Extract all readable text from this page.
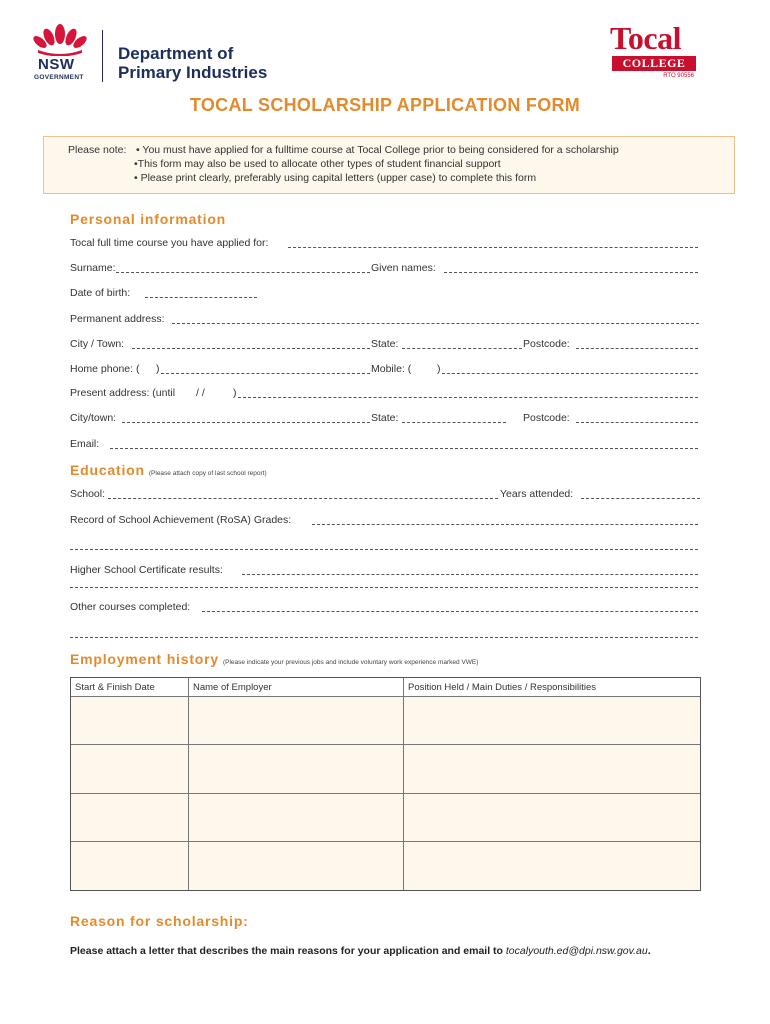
NSW
GOVERNMENT
Department of
Primary Industries
Tocal
COLLEGE
RTO 90556
TOCAL SCHOLARSHIP APPLICATION FORM
Please note: • You must have applied for a fulltime course at Tocal College prior to being considered for a scholarship
•This form may also be used to allocate other types of student financial support
• Please print clearly, preferably using capital letters (upper case) to complete this form
Personal information
Tocal full time course you have applied for:
Surname:	Given names:
Date of birth:
Permanent address:
City / Town:	State:	Postcode:
Home phone: ( )	Mobile: ( )
Present address: (until / /	)
City/town:	State:	Postcode:
Email:
Education (Please attach copy of last school report)
School:	Years attended:
Record of School Achievement (RoSA) Grades:
Higher School Certificate results:
Other courses completed:
Employment history (Please indicate your previous jobs and include voluntary work experience marked VWE)
Start & Finish Date	Name of Employer	Position Held / Main Duties / Responsibilities
Reason for scholarship:
Please attach a letter that describes the main reasons for your application and email to tocalyouth.ed@dpi.nsw.gov.au.
